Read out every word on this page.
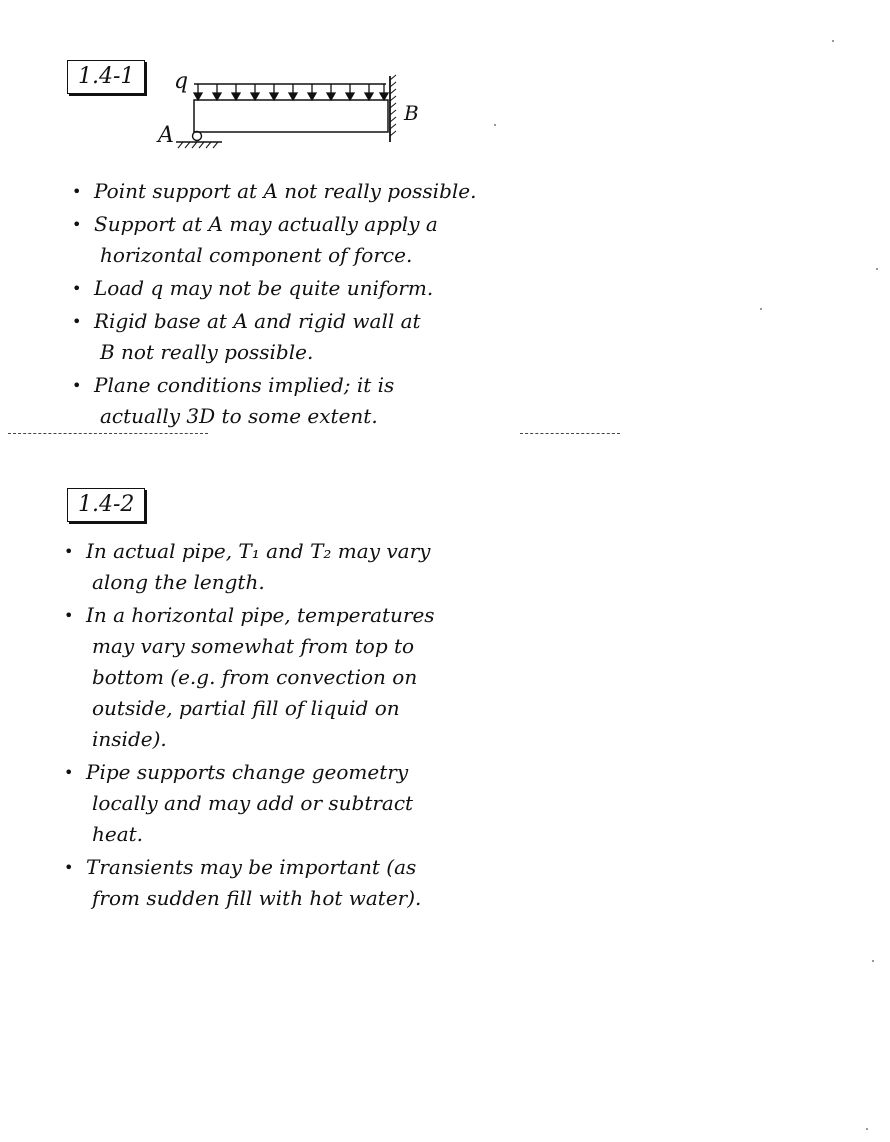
1.4-1	q
B
A
• Point support at A not really possible.
• Support at A may actually apply a
horizontal component of force.
• Load q may not be quite uniform.
• Rigid base at A and rigid wall at
B not really possible.
• Plane conditions implied; it is
actually 3D to some extent.
1.4-2
• In actual pipe, T₁ and T₂ may vary
along the length.
• In a horizontal pipe, temperatures
may vary somewhat from top to
bottom (e.g. from convection on
outside, partial fill of liquid on
inside).
• Pipe supports change geometry
locally and may add or subtract
heat.
• Transients may be important (as
from sudden fill with hot water).
